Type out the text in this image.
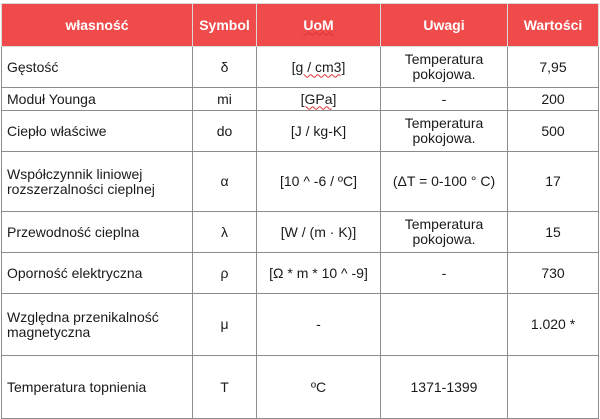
własność	Symbol	UoM	Uwagi	Wartości
Gęstość	δ	[g / cm3]	Temperatura pokojowa.	7,95
Moduł Younga	mi	[GPa]	-	200
Ciepło właściwe	do	[J / kg-K]	Temperatura pokojowa.	500
Współczynnik liniowej rozszerzalności cieplnej	α	[10 ^ -6 / ºC]	(ΔT = 0-100 ° C)	17
Przewodność cieplna	λ	[W / (m · K)]	Temperatura pokojowa.	15
Oporność elektryczna	ρ	[Ω * m * 10 ^ -9]	-	730
Względna przenikalność magnetyczna	μ	-		1.020 *
Temperatura topnienia	T	ºC	1371-1399	
